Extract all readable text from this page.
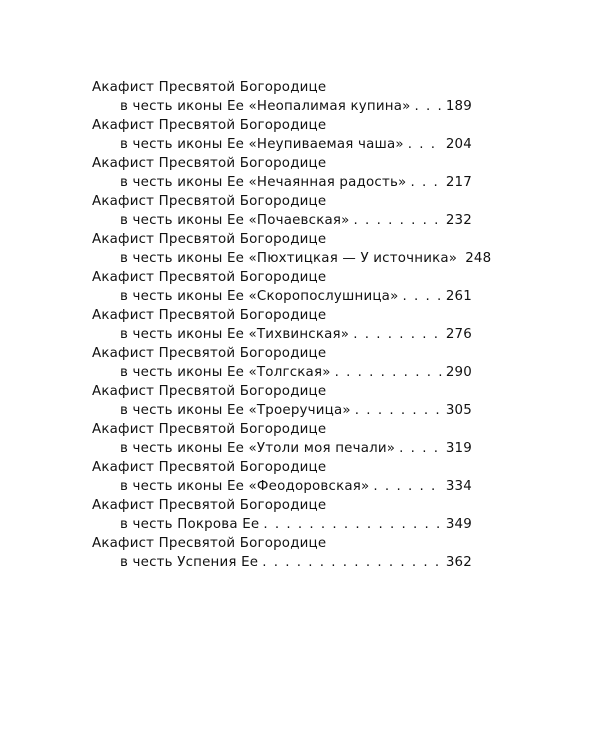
Акафист Пресвятой Богородице
в честь иконы Ее «Неопалимая купина» . . .	189
Акафист Пресвятой Богородице
в честь иконы Ее «Неупиваемая чаша» . . .	204
Акафист Пресвятой Богородице
в честь иконы Ее «Нечаянная радость» . . .	217
Акафист Пресвятой Богородице
в честь иконы Ее «Почаевская» . . .	232
Акафист Пресвятой Богородице
в честь иконы Ее «Пюхтицкая — У источника» 248
Акафист Пресвятой Богородице
в честь иконы Ее «Скоропослушница» . . .	261
Акафист Пресвятой Богородице
в честь иконы Ее «Тихвинская» . . .	276
Акафист Пресвятой Богородице
в честь иконы Ее «Толгская» . . .	290
Акафист Пресвятой Богородице
в честь иконы Ее «Троеручица» . . .	305
Акафист Пресвятой Богородице
в честь иконы Ее «Утоли моя печали» . . .	319
Акафист Пресвятой Богородице
в честь иконы Ее «Феодоровская» . . .	334
Акафист Пресвятой Богородице
в честь Покрова Ее . . .	349
Акафист Пресвятой Богородице
в честь Успения Ее . . .	362
